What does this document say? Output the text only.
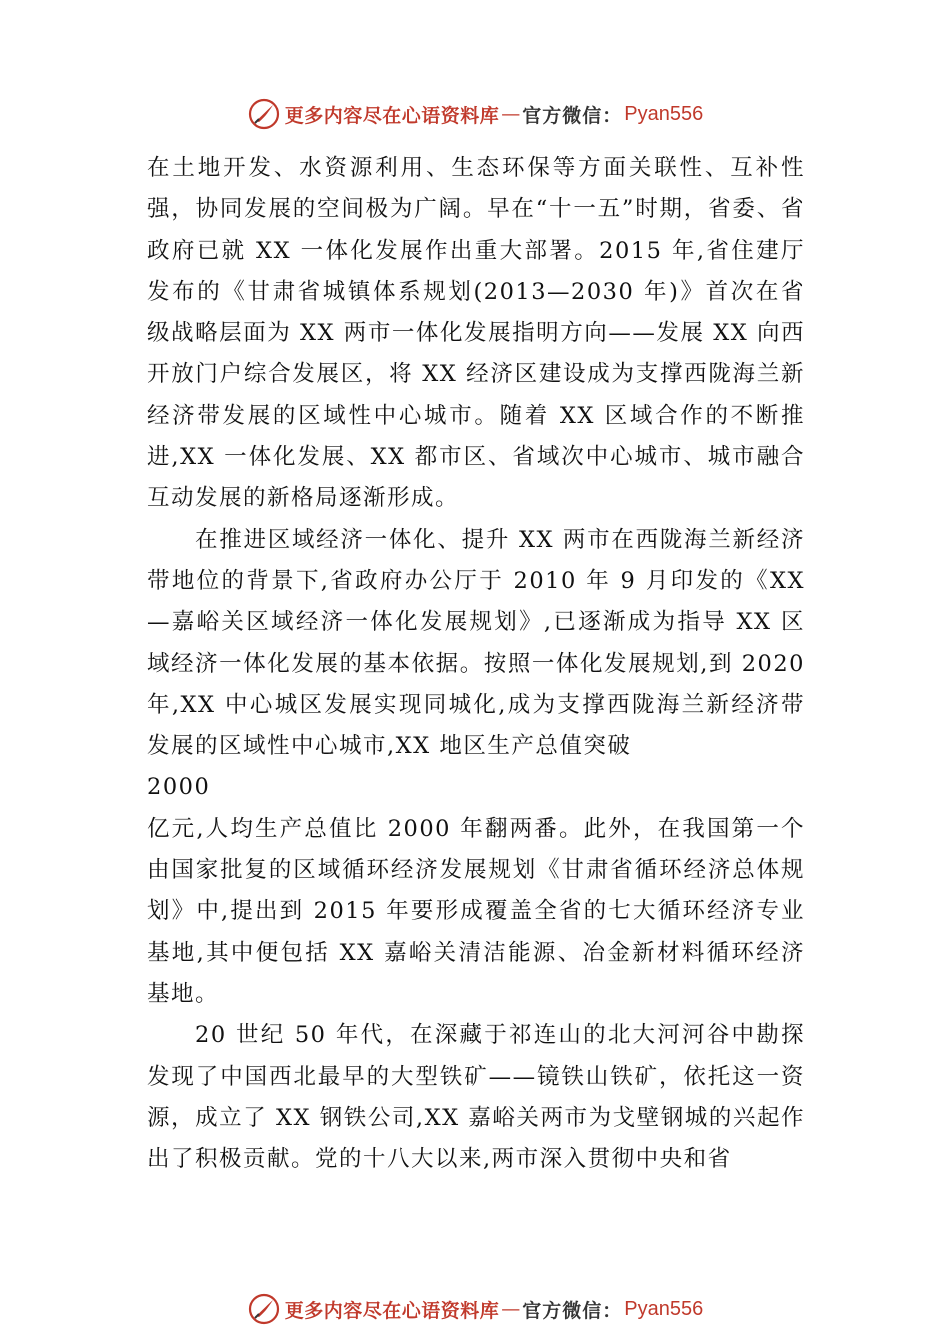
更多内容尽在心语资料库 — 官方微信： Pyan556

在土地开发、水资源利用、生态环保等方面关联性、互补性强，协同发展的空间极为广阔。早在“十一五”时期，省委、省政府已就 XX 一体化发展作出重大部署。2015 年,省住建厅发布的《甘肃省城镇体系规划(2013—2030 年)》首次在省级战略层面为 XX 两市一体化发展指明方向——发展 XX 向西开放门户综合发展区，将 XX 经济区建设成为支撑西陇海兰新经济带发展的区域性中心城市。随着 XX 区域合作的不断推进,XX 一体化发展、XX 都市区、省域次中心城市、城市融合互动发展的新格局逐渐形成。

在推进区域经济一体化、提升 XX 两市在西陇海兰新经济带地位的背景下,省政府办公厅于 2010 年 9 月印发的《XX—嘉峪关区域经济一体化发展规划》,已逐渐成为指导 XX 区域经济一体化发展的基本依据。按照一体化发展规划,到 2020 年,XX 中心城区发展实现同城化,成为支撑西陇海兰新经济带发展的区域性中心城市,XX 地区生产总值突破

2000

亿元,人均生产总值比 2000 年翻两番。此外，在我国第一个由国家批复的区域循环经济发展规划《甘肃省循环经济总体规划》中,提出到 2015 年要形成覆盖全省的七大循环经济专业基地,其中便包括 XX 嘉峪关清洁能源、冶金新材料循环经济基地。

20 世纪 50 年代，在深藏于祁连山的北大河河谷中勘探发现了中国西北最早的大型铁矿——镜铁山铁矿，依托这一资源，成立了 XX 钢铁公司,XX 嘉峪关两市为戈壁钢城的兴起作出了积极贡献。党的十八大以来,两市深入贯彻中央和省

更多内容尽在心语资料库 — 官方微信： Pyan556
